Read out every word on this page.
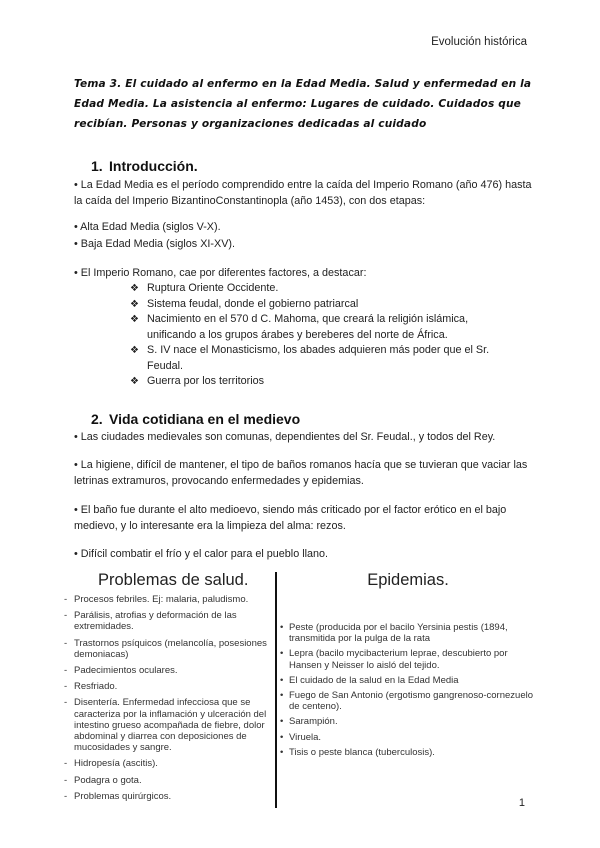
Evolución histórica
Tema 3. El cuidado al enfermo en la Edad Media. Salud y enfermedad en la Edad Media. La asistencia al enfermo: Lugares de cuidado. Cuidados que recibían. Personas y organizaciones dedicadas al cuidado
1. Introducción.
• La Edad Media es el período comprendido entre la caída del Imperio Romano (año 476) hasta la caída del Imperio BizantinoConstantinopla (año 1453), con dos etapas:
• Alta Edad Media (siglos V-X).
• Baja Edad Media (siglos XI-XV).
• El Imperio Romano, cae por diferentes factores, a destacar:
❖ Ruptura Oriente Occidente.
❖ Sistema feudal, donde el gobierno patriarcal
❖ Nacimiento en el 570 d C. Mahoma, que creará la religión islámica, unificando a los grupos árabes y bereberes del norte de África.
❖ S. IV nace el Monasticismo, los abades adquieren más poder que el Sr. Feudal.
❖ Guerra por los territorios
2. Vida cotidiana en el medievo
• Las ciudades medievales son comunas, dependientes del Sr. Feudal., y todos del Rey.
• La higiene, difícil de mantener, el tipo de baños romanos hacía que se tuvieran que vaciar las letrinas extramuros, provocando enfermedades y epidemias.
• El baño fue durante el alto medioevo, siendo más criticado por el factor erótico en el bajo medievo, y lo interesante era la limpieza del alma: rezos.
• Difícil combatir el frío y el calor para el pueblo llano.
Problemas de salud.
- Procesos febriles. Ej: malaria, paludismo.
- Parálisis, atrofias y deformación de las extremidades.
- Trastornos psíquicos (melancolía, posesiones demoniacas)
- Padecimientos oculares.
- Resfriado.
- Disentería. Enfermedad infecciosa que se caracteriza por la inflamación y ulceración del intestino grueso acompañada de fiebre, dolor abdominal y diarrea con deposiciones de mucosidades y sangre.
- Hidropesía (ascitis).
- Podagra o gota.
- Problemas quirúrgicos.
Epidemias.
• Peste (producida por el bacilo Yersinia pestis (1894, transmitida por la pulga de la rata
• Lepra (bacilo mycibacterium leprae, descubierto por Hansen y Neisser lo aisló del tejido.
• El cuidado de la salud en la Edad Media
• Fuego de San Antonio (ergotismo gangrenoso-cornezuelo de centeno).
• Sarampión.
• Viruela.
• Tisis o peste blanca (tuberculosis).
1
